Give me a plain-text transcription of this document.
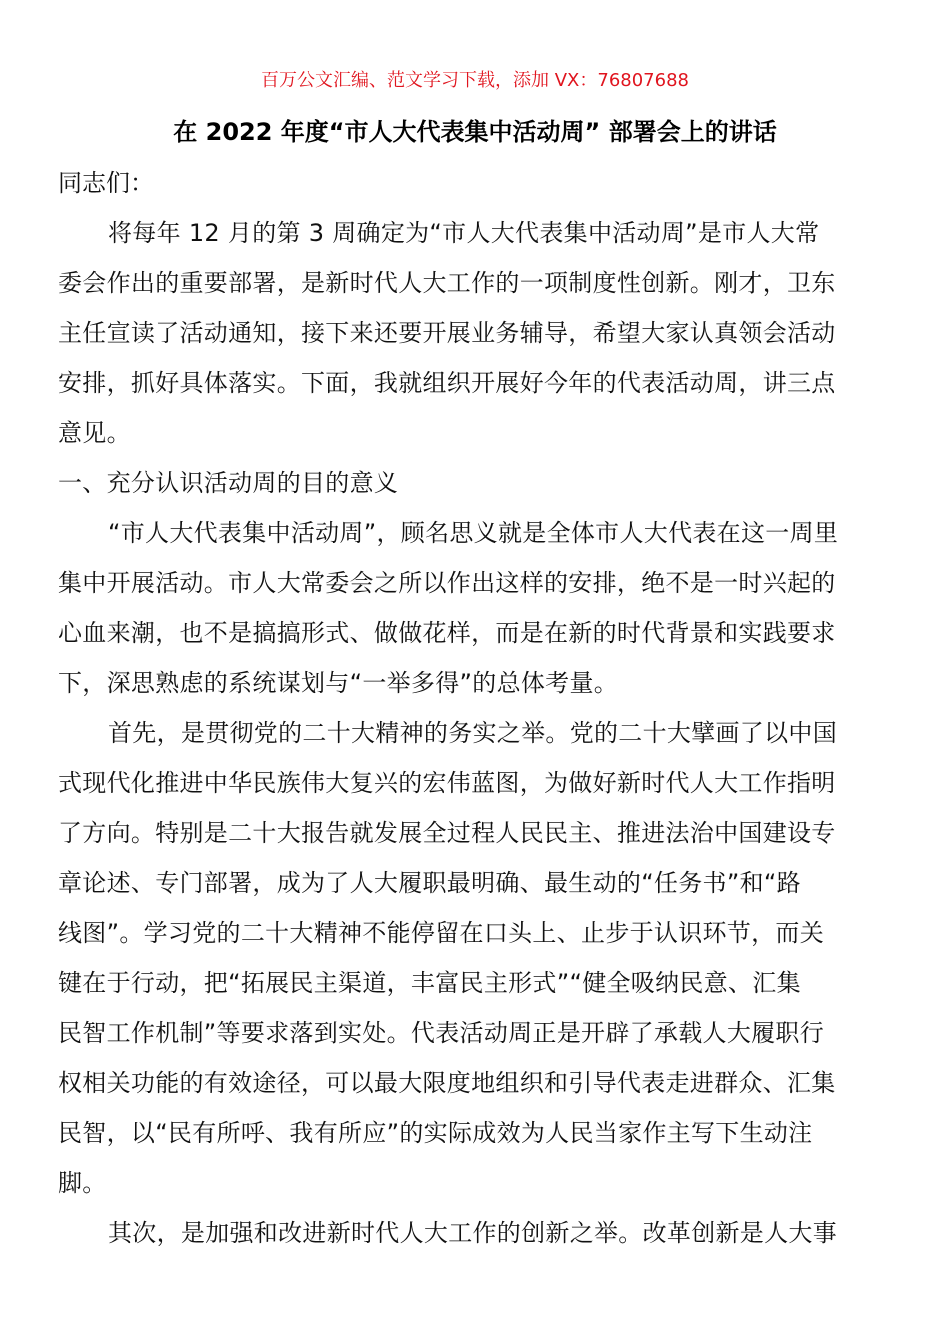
百万公文汇编、范文学习下载，添加 VX：76807688
在 2022 年度“市人大代表集中活动周” 部署会上的讲话
同志们：
将每年 12 月的第 3 周确定为“市人大代表集中活动周”是市人大常
委会作出的重要部署，是新时代人大工作的一项制度性创新。刚才，卫东
主任宣读了活动通知，接下来还要开展业务辅导，希望大家认真领会活动
安排，抓好具体落实。下面，我就组织开展好今年的代表活动周，讲三点
意见。
一、充分认识活动周的目的意义
“市人大代表集中活动周”，顾名思义就是全体市人大代表在这一周里
集中开展活动。市人大常委会之所以作出这样的安排，绝不是一时兴起的
心血来潮，也不是搞搞形式、做做花样，而是在新的时代背景和实践要求
下，深思熟虑的系统谋划与“一举多得”的总体考量。
首先，是贯彻党的二十大精神的务实之举。党的二十大擘画了以中国
式现代化推进中华民族伟大复兴的宏伟蓝图，为做好新时代人大工作指明
了方向。特别是二十大报告就发展全过程人民民主、推进法治中国建设专
章论述、专门部署，成为了人大履职最明确、最生动的“任务书”和“路
线图”。学习党的二十大精神不能停留在口头上、止步于认识环节，而关
键在于行动，把“拓展民主渠道，丰富民主形式”“健全吸纳民意、汇集
民智工作机制”等要求落到实处。代表活动周正是开辟了承载人大履职行
权相关功能的有效途径，可以最大限度地组织和引导代表走进群众、汇集
民智，以“民有所呼、我有所应”的实际成效为人民当家作主写下生动注
脚。
其次，是加强和改进新时代人大工作的创新之举。改革创新是人大事
